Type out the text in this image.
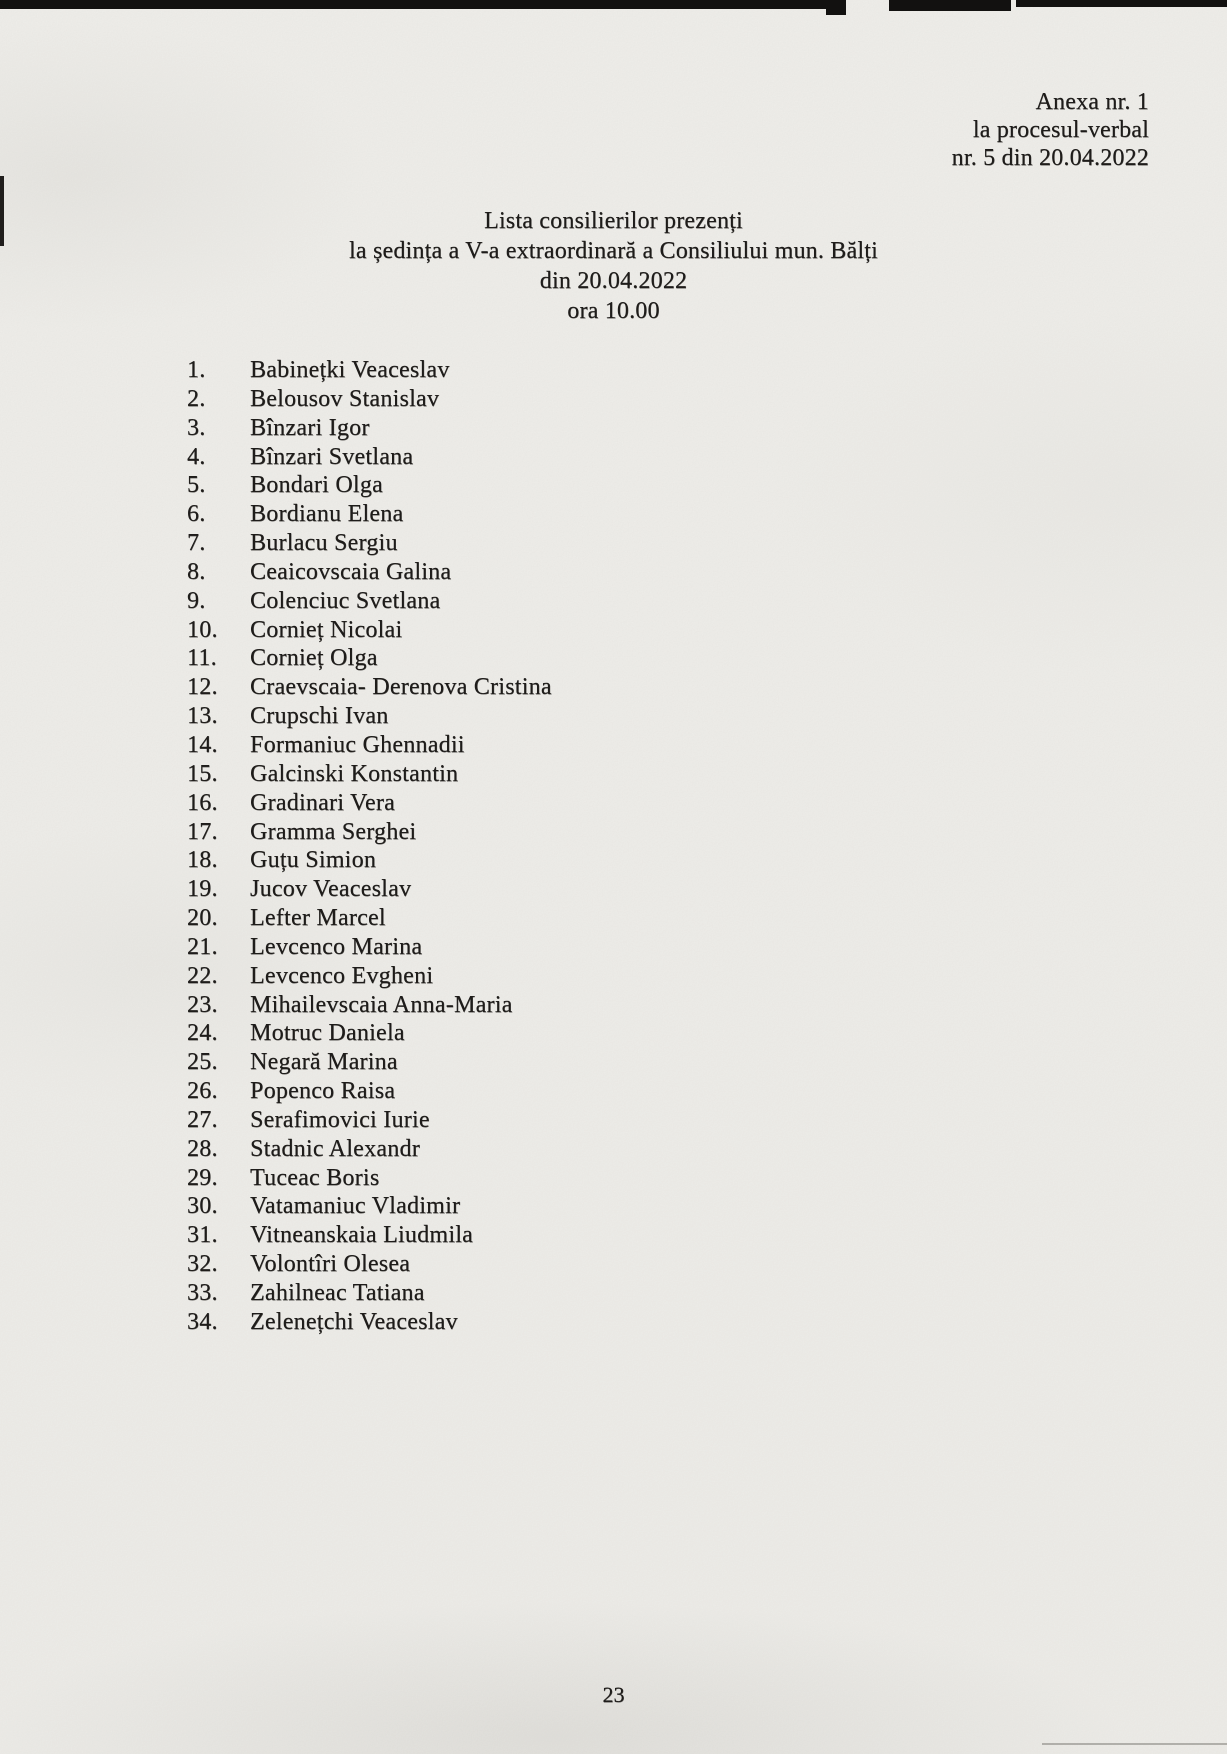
Anexa nr. 1
la procesul-verbal
nr. 5 din 20.04.2022
Lista consilierilor prezenți
la ședința a V-a extraordinară a Consiliului mun. Bălți
din 20.04.2022
ora 10.00
1.	Babinețki Veaceslav
2.	Belousov Stanislav
3.	Bînzari Igor
4.	Bînzari Svetlana
5.	Bondari Olga
6.	Bordianu Elena
7.	Burlacu Sergiu
8.	Ceaicovscaia Galina
9.	Colenciuc Svetlana
10.	Cornieț Nicolai
11.	Cornieț Olga
12.	Craevscaia- Derenova Cristina
13.	Crupschi Ivan
14.	Formaniuc Ghennadii
15.	Galcinski Konstantin
16.	Gradinari Vera
17.	Gramma Serghei
18.	Guțu Simion
19.	Jucov Veaceslav
20.	Lefter Marcel
21.	Levcenco Marina
22.	Levcenco Evgheni
23.	Mihailevscaia Anna-Maria
24.	Motruc Daniela
25.	Negară Marina
26.	Popenco Raisa
27.	Serafimovici Iurie
28.	Stadnic Alexandr
29.	Tuceac Boris
30.	Vatamaniuc Vladimir
31.	Vitneanskaia Liudmila
32.	Volontîri Olesea
33.	Zahilneac Tatiana
34.	Zelenețchi Veaceslav
23
